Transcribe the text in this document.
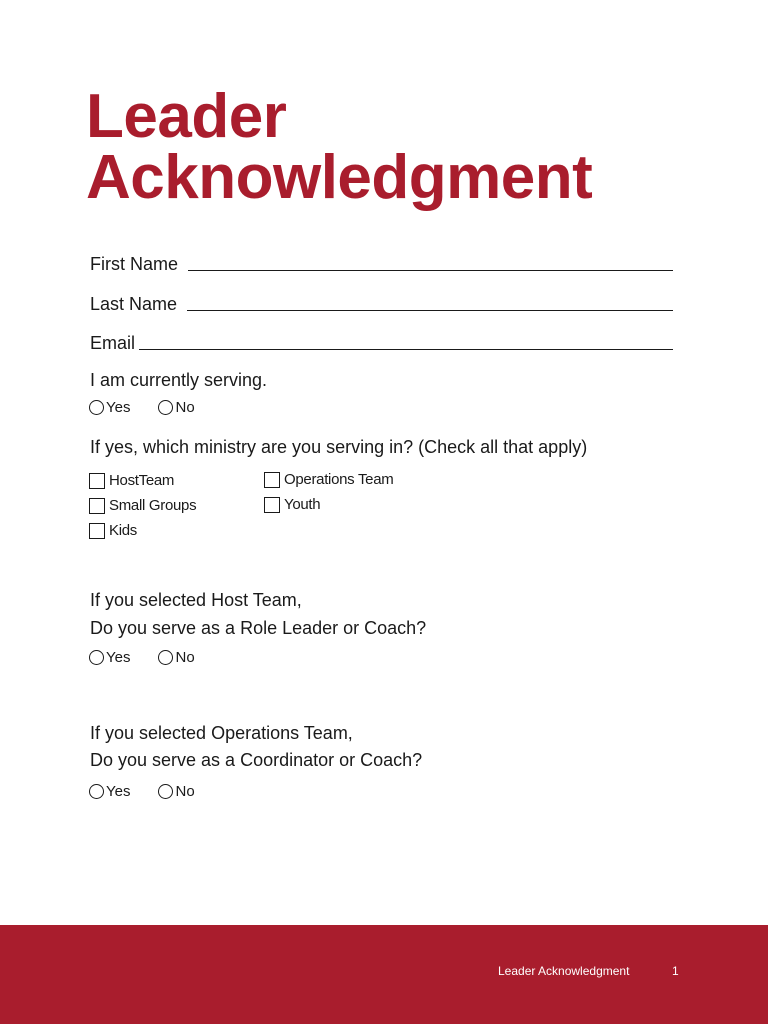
Leader
Acknowledgment
First Name
Last Name
Email

I am currently serving.

Yes	No

If yes, which ministry are you serving in? (Check all that apply)

HostTeam
Small Groups
Kids
Operations Team
Youth

If you selected Host Team,

Do you serve as a Role Leader or Coach?

Yes	No

If you selected Operations Team,

Do you serve as a Coordinator or Coach?

Yes	No
Leader Acknowledgment	1
